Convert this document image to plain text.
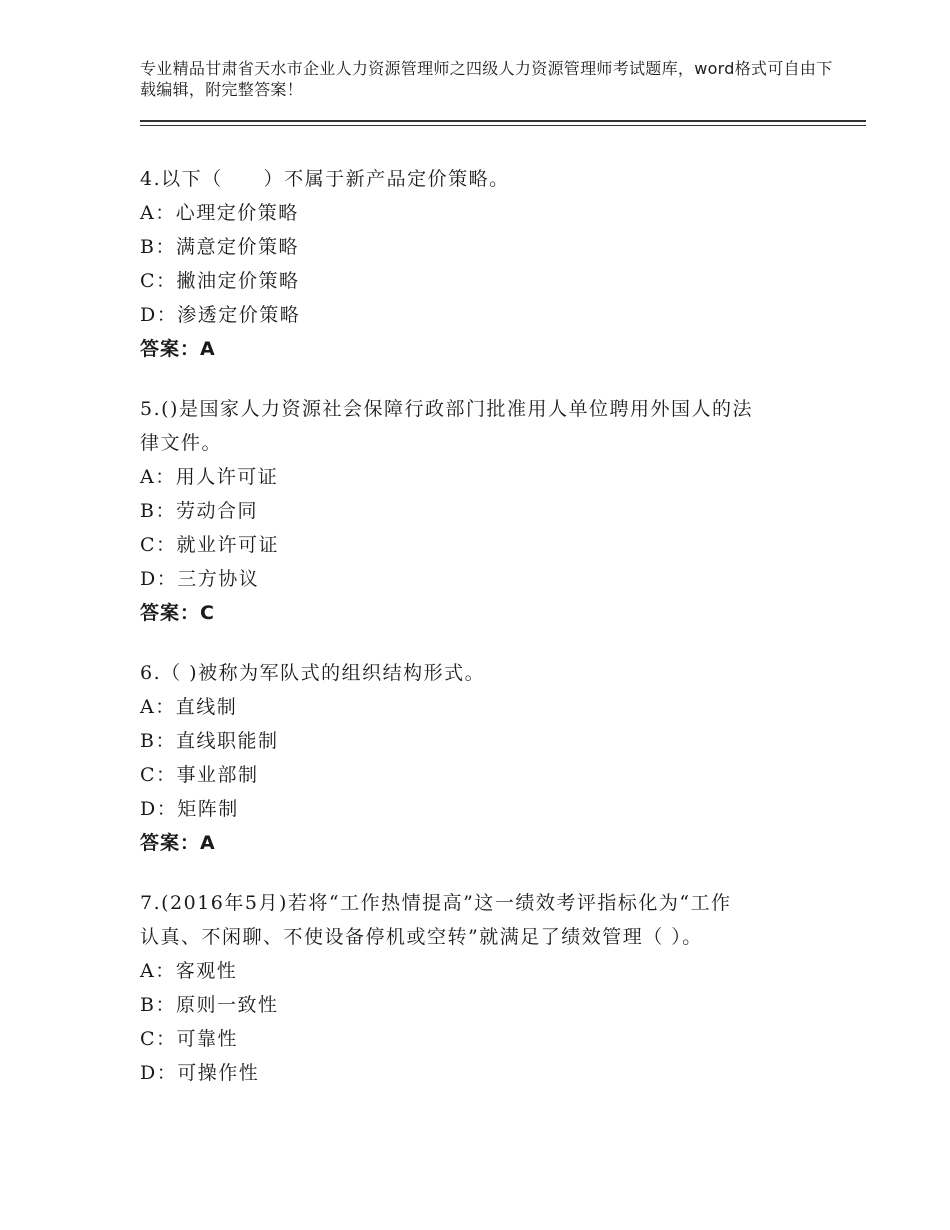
专业精品甘肃省天水市企业人力资源管理师之四级人力资源管理师考试题库，word格式可自由下载编辑，附完整答案！

4.以下（　　）不属于新产品定价策略。

A：心理定价策略

B：满意定价策略

C：撇油定价策略

D：渗透定价策略

答案：A

5.()是国家人力资源社会保障行政部门批准用人单位聘用外国人的法

律文件。

A：用人许可证

B：劳动合同

C：就业许可证

D：三方协议

答案：C

6.（ )被称为军队式的组织结构形式。

A：直线制

B：直线职能制

C：事业部制

D：矩阵制

答案：A

7.(2016年5月)若将“工作热情提高”这一绩效考评指标化为“工作

认真、不闲聊、不使设备停机或空转”就满足了绩效管理（ ）。

A：客观性

B：原则一致性

C：可靠性

D：可操作性
